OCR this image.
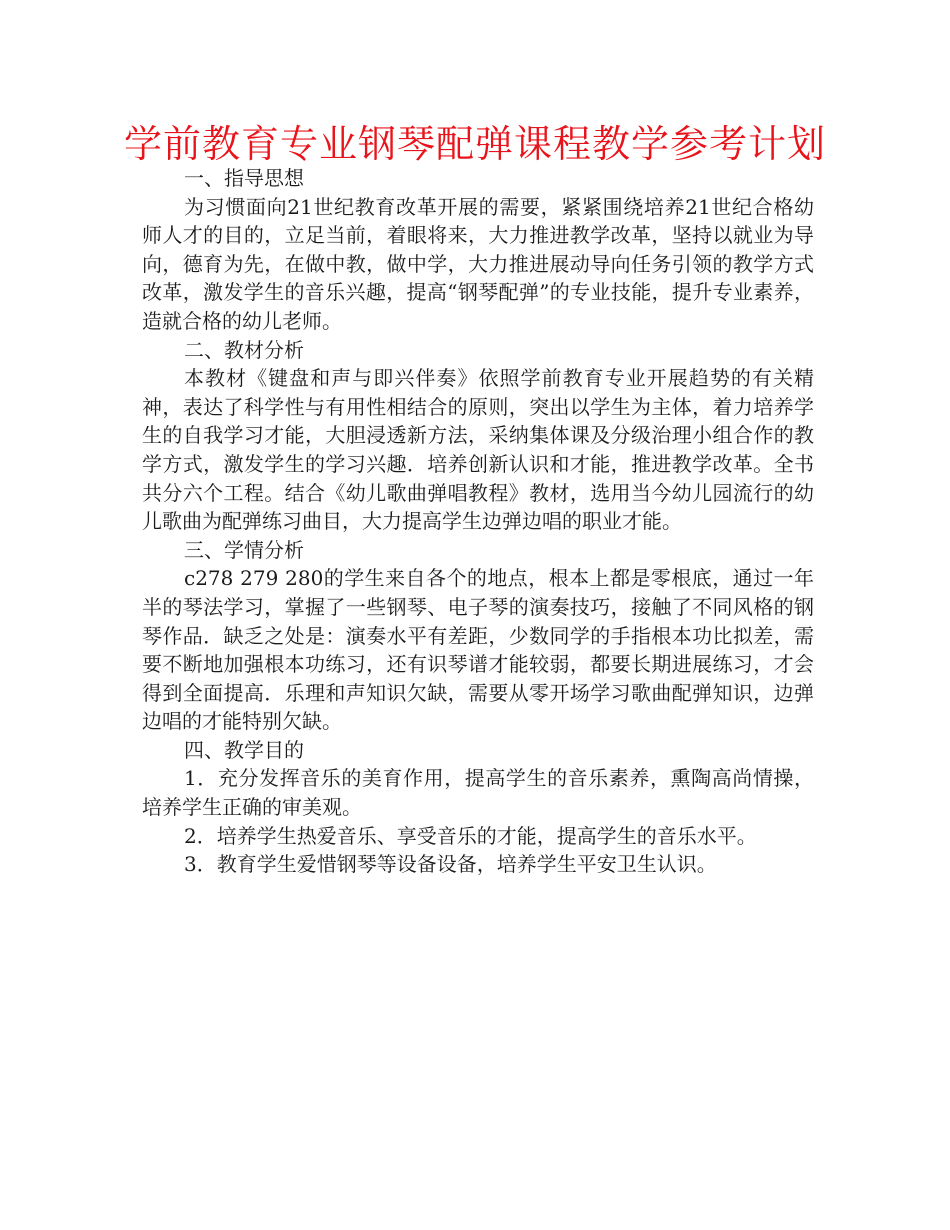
学前教育专业钢琴配弹课程教学参考计划

一、指导思想

为习惯面向21世纪教育改革开展的需要，紧紧围绕培养21世纪合格幼师人才的目的，立足当前，着眼将来，大力推进教学改革，坚持以就业为导向，德育为先，在做中教，做中学，大力推进展动导向任务引领的教学方式改革，激发学生的音乐兴趣，提高“钢琴配弹”的专业技能，提升专业素养，造就合格的幼儿老师。

二、教材分析

本教材《键盘和声与即兴伴奏》依照学前教育专业开展趋势的有关精神，表达了科学性与有用性相结合的原则，突出以学生为主体，着力培养学生的自我学习才能，大胆浸透新方法，采纳集体课及分级治理小组合作的教学方式，激发学生的学习兴趣．培养创新认识和才能，推进教学改革。全书共分六个工程。结合《幼儿歌曲弹唱教程》教材，选用当今幼儿园流行的幼儿歌曲为配弹练习曲目，大力提高学生边弹边唱的职业才能。

三、学情分析

c278 279 280的学生来自各个的地点，根本上都是零根底，通过一年半的琴法学习，掌握了一些钢琴、电子琴的演奏技巧，接触了不同风格的钢琴作品．缺乏之处是：演奏水平有差距，少数同学的手指根本功比拟差，需要不断地加强根本功练习，还有识琴谱才能较弱，都要长期进展练习，才会得到全面提高．乐理和声知识欠缺，需要从零开场学习歌曲配弹知识，边弹边唱的才能特别欠缺。

四、教学目的

1．充分发挥音乐的美育作用，提高学生的音乐素养，熏陶高尚情操，培养学生正确的审美观。

2．培养学生热爱音乐、享受音乐的才能，提高学生的音乐水平。

3．教育学生爱惜钢琴等设备设备，培养学生平安卫生认识。
